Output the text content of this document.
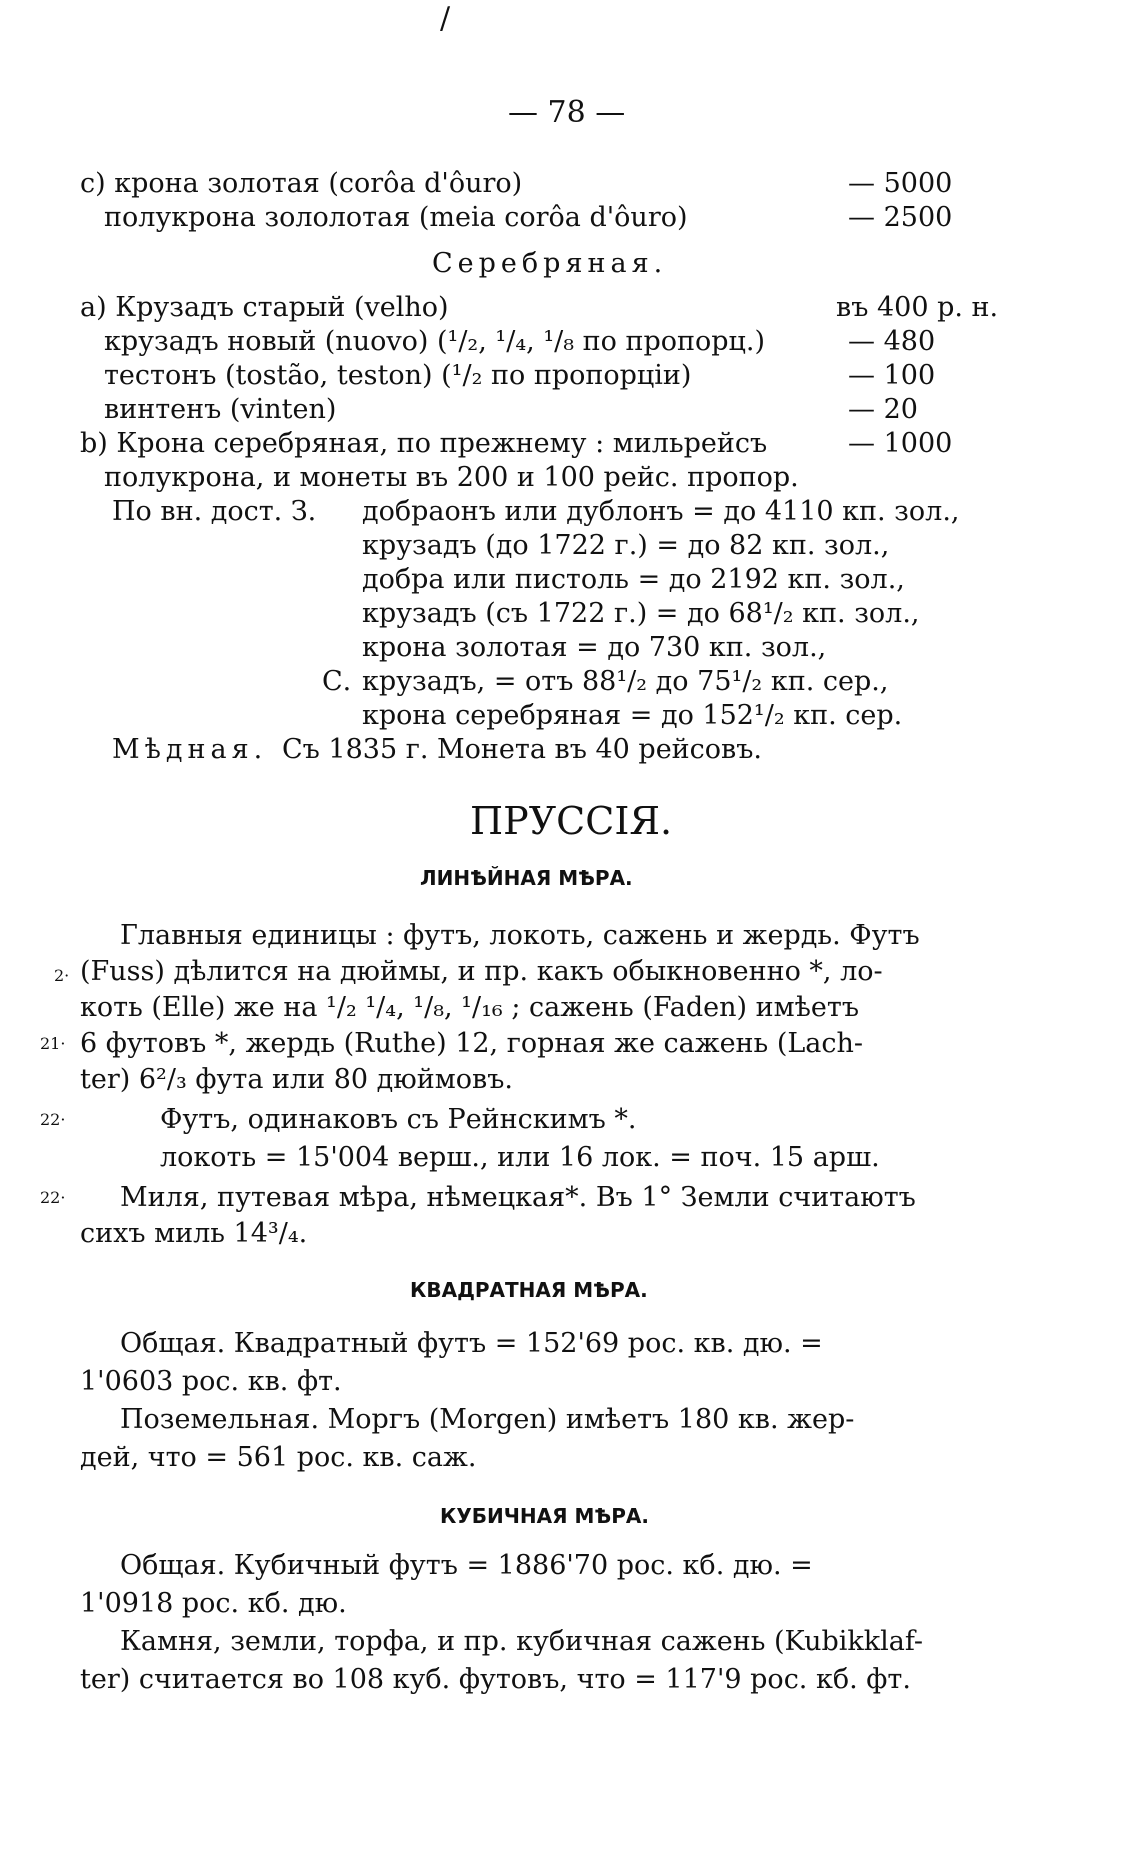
/
— 78 —
c) крона золотая (corôa d'ôuro)	— 5000
полукрона зололотая (meia corôa d'ôuro)	— 2500
Серебряная.
a) Крузадъ старый (velho)	въ 400 р. н.
крузадъ новый (nuovo) (¹/₂, ¹/₄, ¹/₈ по пропорц.)	— 480
тестонъ (tostão, teston) (¹/₂ по пропорціи)	— 100
винтенъ (vinten)	— 20
b) Крона серебряная, по прежнему : мильрейсъ	— 1000
полукрона, и монеты въ 200 и 100 рейс. пропор.
По вн. дост. З. добраонъ или дублонъ = до 4110 кп. зол.,
крузадъ (до 1722 г.) = до 82 кп. зол.,
добра или пистоль = до 2192 кп. зол.,
крузадъ (съ 1722 г.) = до 68¹/₂ кп. зол.,
крона золотая = до 730 кп. зол.,
С. крузадъ, = отъ 88¹/₂ до 75¹/₂ кп. сер.,
крона серебряная = до 152¹/₂ кп. сер.
Мѣдная. Съ 1835 г. Монета въ 40 рейсовъ.
ПРУССІЯ.
ЛИНѢЙНАЯ МѢРА.
2·
21·
22·
22·
Главныя единицы : футъ, локоть, сажень и жердь. Футъ
(Fuss) дѣлится на дюймы, и пр. какъ обыкновенно *, ло-
коть (Elle) же на ¹/₂ ¹/₄, ¹/₈, ¹/₁₆ ; сажень (Faden) имѣетъ
6 футовъ *, жердь (Ruthe) 12, горная же сажень (Lach-
ter) 6²/₃ фута или 80 дюймовъ.
Футъ, одинаковъ съ Рейнскимъ *.
локоть = 15'004 верш., или 16 лок. = поч. 15 арш.
Миля, путевая мѣра, нѣмецкая*. Въ 1° Земли считаютъ
сихъ миль 14³/₄.
КВАДРАТНАЯ МѢРА.
Общая. Квадратный футъ = 152'69 рос. кв. дю. =
1'0603 рос. кв. фт.
Поземельная. Моргъ (Morgen) имѣетъ 180 кв. жер-
дей, что = 561 рос. кв. саж.
КУБИЧНАЯ МѢРА.
Общая. Кубичный футъ = 1886'70 рос. кб. дю. =
1'0918 рос. кб. дю.
Камня, земли, торфа, и пр. кубичная сажень (Kubikklaf-
ter) считается во 108 куб. футовъ, что = 117'9 рос. кб. фт.
